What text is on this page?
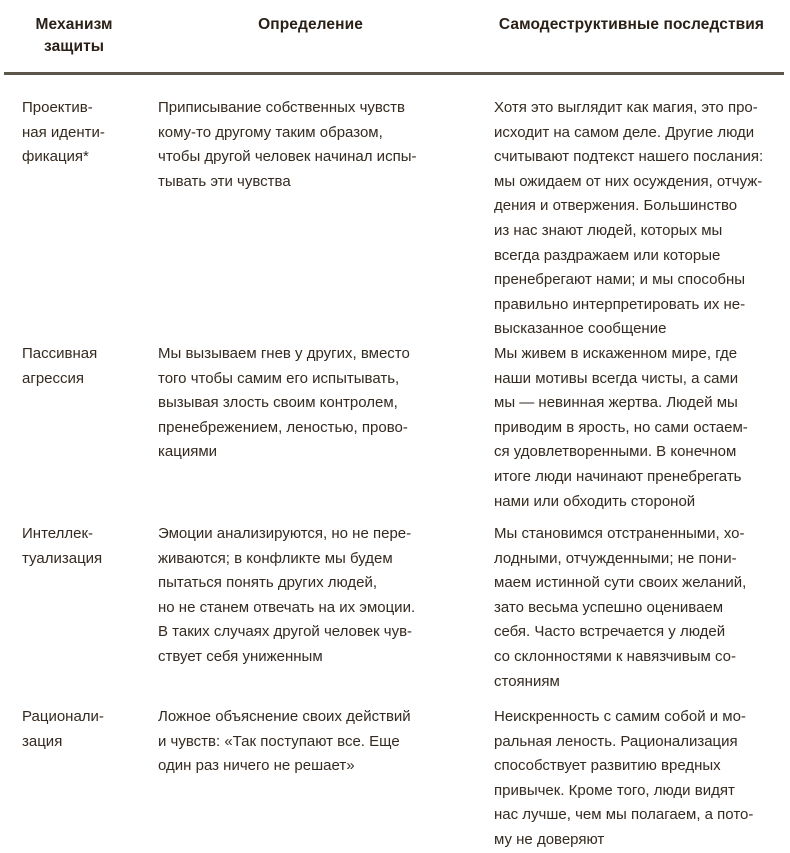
Механизм защиты
Определение	Самодеструктивные последствия
Проектив-
ная иденти-
фикация*
Приписывание собственных чувств
кому-то другому таким образом,
чтобы другой человек начинал испы-
тывать эти чувства
Хотя это выглядит как магия, это про-
исходит на самом деле. Другие люди
считывают подтекст нашего послания:
мы ожидаем от них осуждения, отчуж-
дения и отвержения. Большинство
из нас знают людей, которых мы
всегда раздражаем или которые
пренебрегают нами; и мы способны
правильно интерпретировать их не-
высказанное сообщение
Пассивная
агрессия
Мы вызываем гнев у других, вместо
того чтобы самим его испытывать,
вызывая злость своим контролем,
пренебрежением, леностью, прово-
кациями
Мы живем в искаженном мире, где
наши мотивы всегда чисты, а сами
мы — невинная жертва. Людей мы
приводим в ярость, но сами остаем-
ся удовлетворенными. В конечном
итоге люди начинают пренебрегать
нами или обходить стороной
Интеллек-
туализация
Эмоции анализируются, но не пере-
живаются; в конфликте мы будем
пытаться понять других людей,
но не станем отвечать на их эмоции.
В таких случаях другой человек чув-
ствует себя униженным
Мы становимся отстраненными, хо-
лодными, отчужденными; не пони-
маем истинной сути своих желаний,
зато весьма успешно оцениваем
себя. Часто встречается у людей
со склонностями к навязчивым со-
стояниям
Рационали-
зация
Ложное объяснение своих действий
и чувств: «Так поступают все. Еще
один раз ничего не решает»
Неискренность с самим собой и мо-
ральная леность. Рационализация
способствует развитию вредных
привычек. Кроме того, люди видят
нас лучше, чем мы полагаем, а пото-
му не доверяют
